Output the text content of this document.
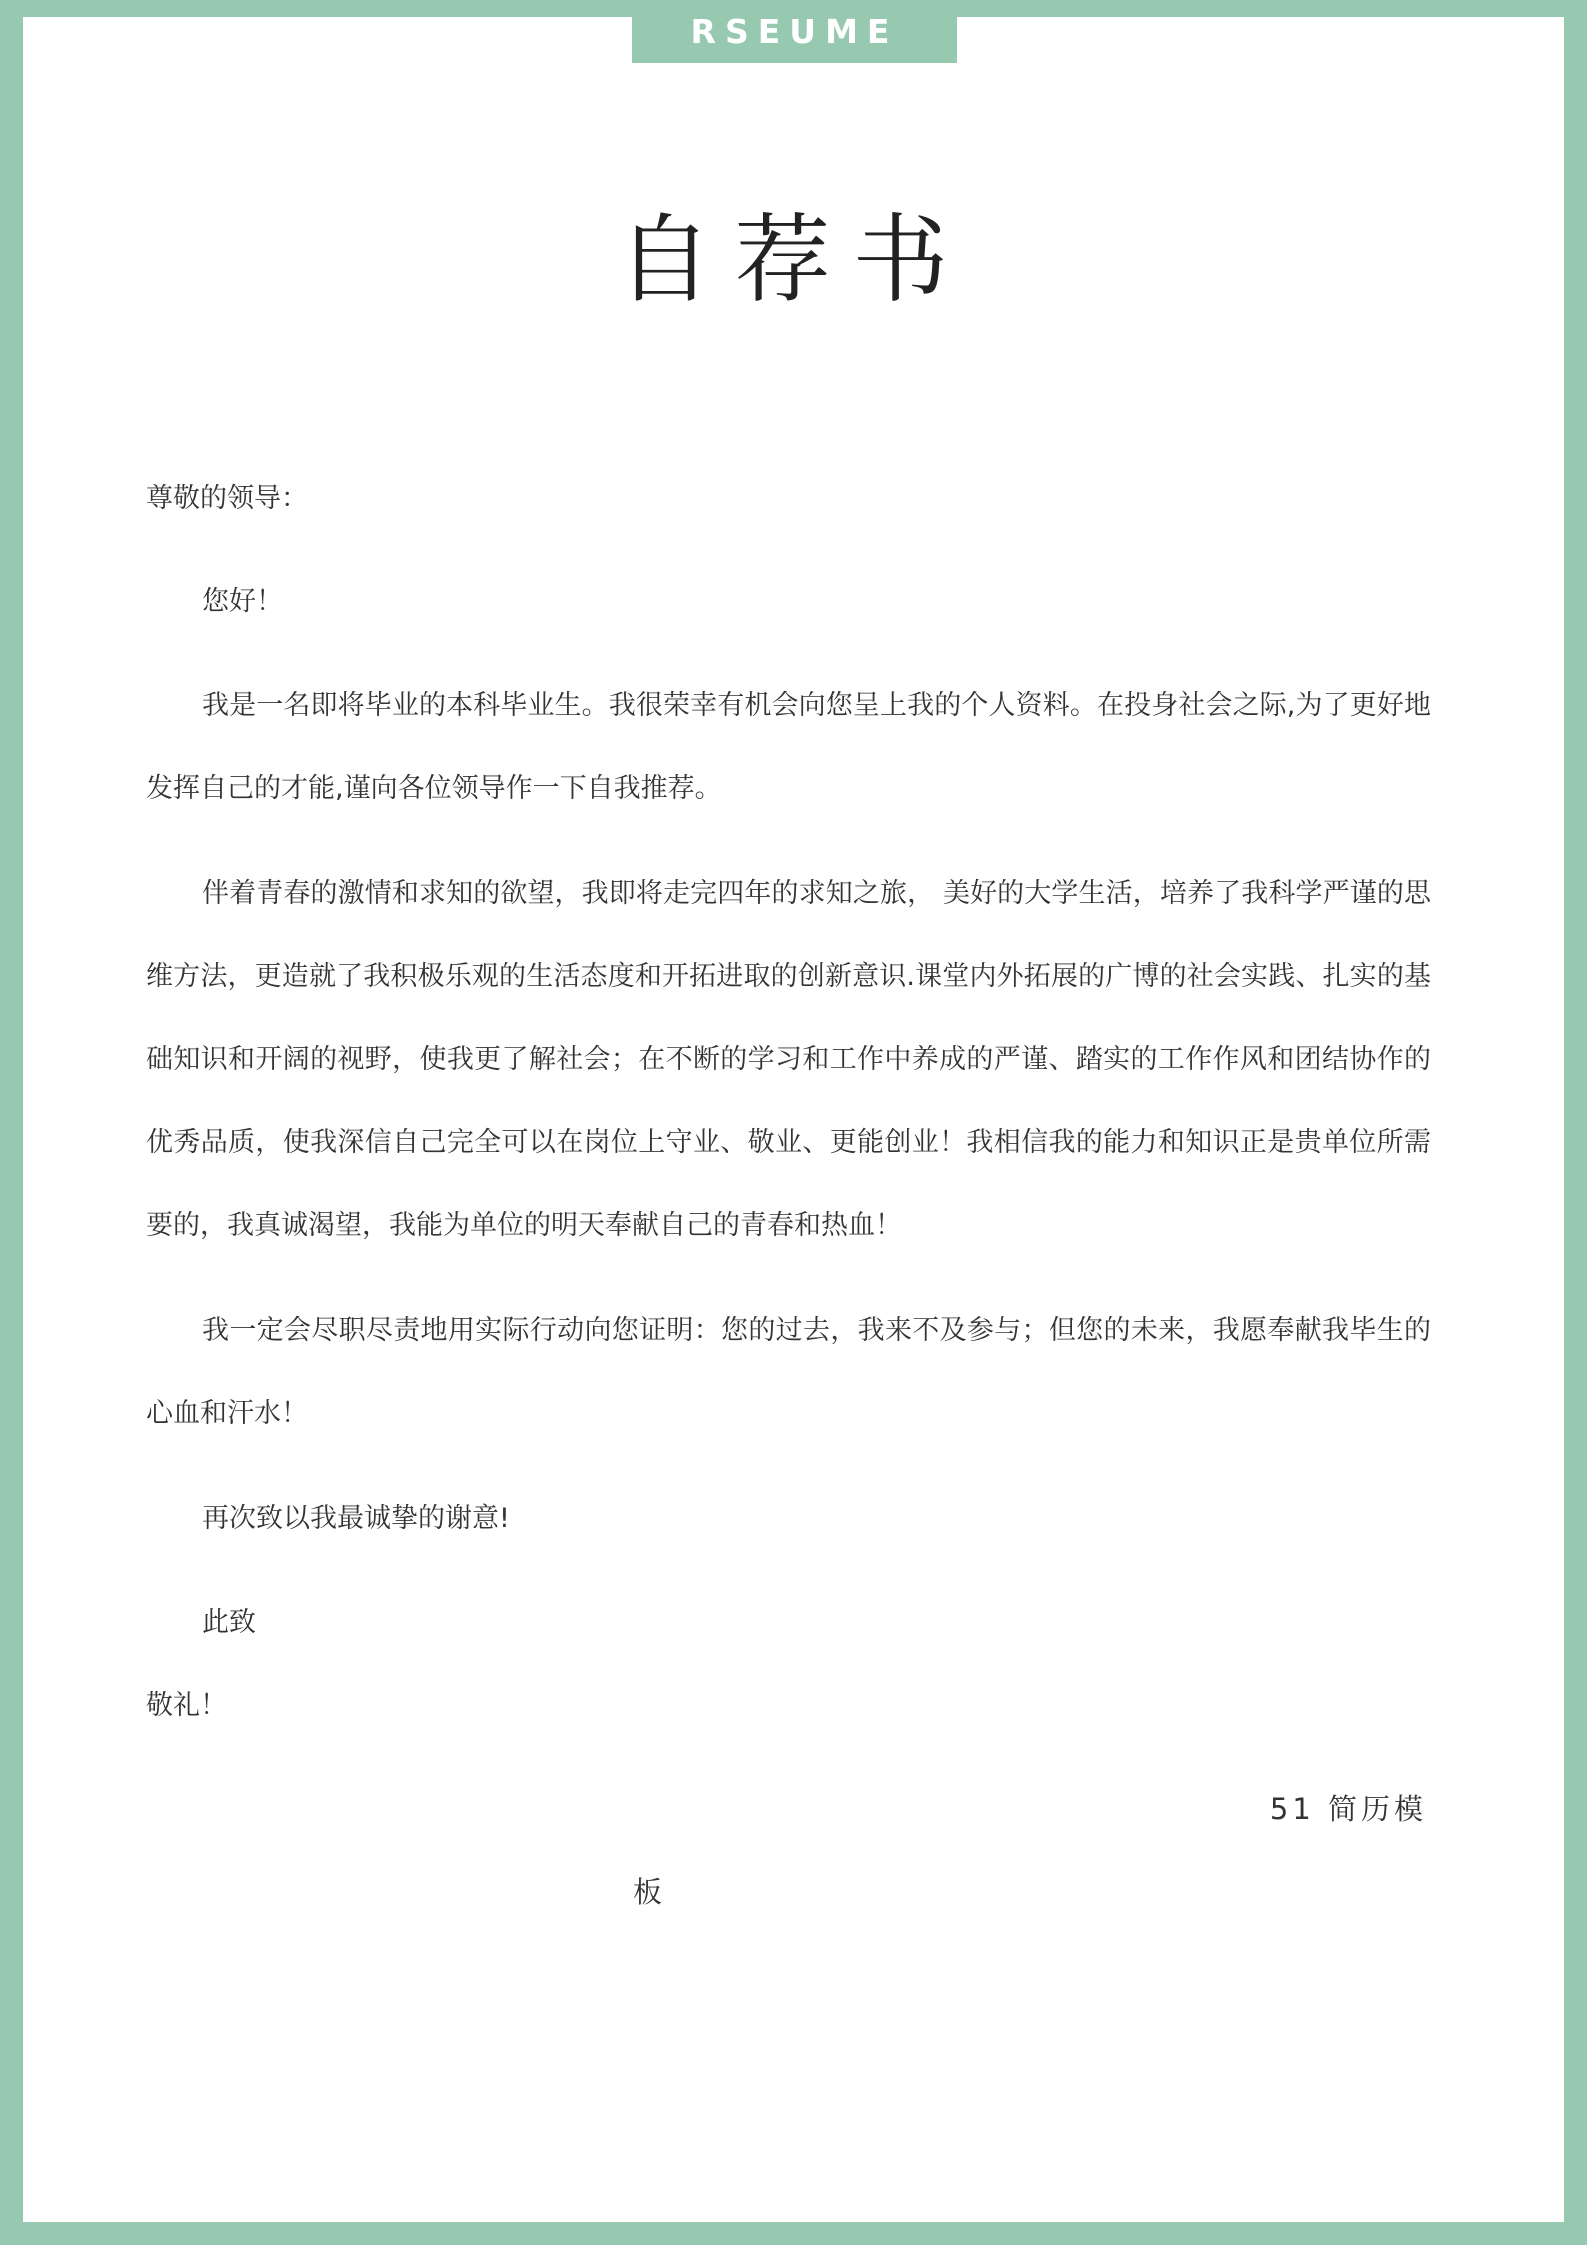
RSEUME
自荐书
尊敬的领导：
您好！
我是一名即将毕业的本科毕业生。我很荣幸有机会向您呈上我的个人资料。在投身社会之际,为了更好地发挥自己的才能,谨向各位领导作一下自我推荐。
伴着青春的激情和求知的欲望，我即将走完四年的求知之旅， 美好的大学生活，培养了我科学严谨的思维方法，更造就了我积极乐观的生活态度和开拓进取的创新意识.课堂内外拓展的广博的社会实践、扎实的基础知识和开阔的视野，使我更了解社会；在不断的学习和工作中养成的严谨、踏实的工作作风和团结协作的优秀品质，使我深信自己完全可以在岗位上守业、敬业、更能创业！我相信我的能力和知识正是贵单位所需要的，我真诚渴望，我能为单位的明天奉献自己的青春和热血！
我一定会尽职尽责地用实际行动向您证明：您的过去，我来不及参与；但您的未来，我愿奉献我毕生的心血和汗水！
再次致以我最诚挚的谢意!
此致
敬礼！
51 简历模
板
